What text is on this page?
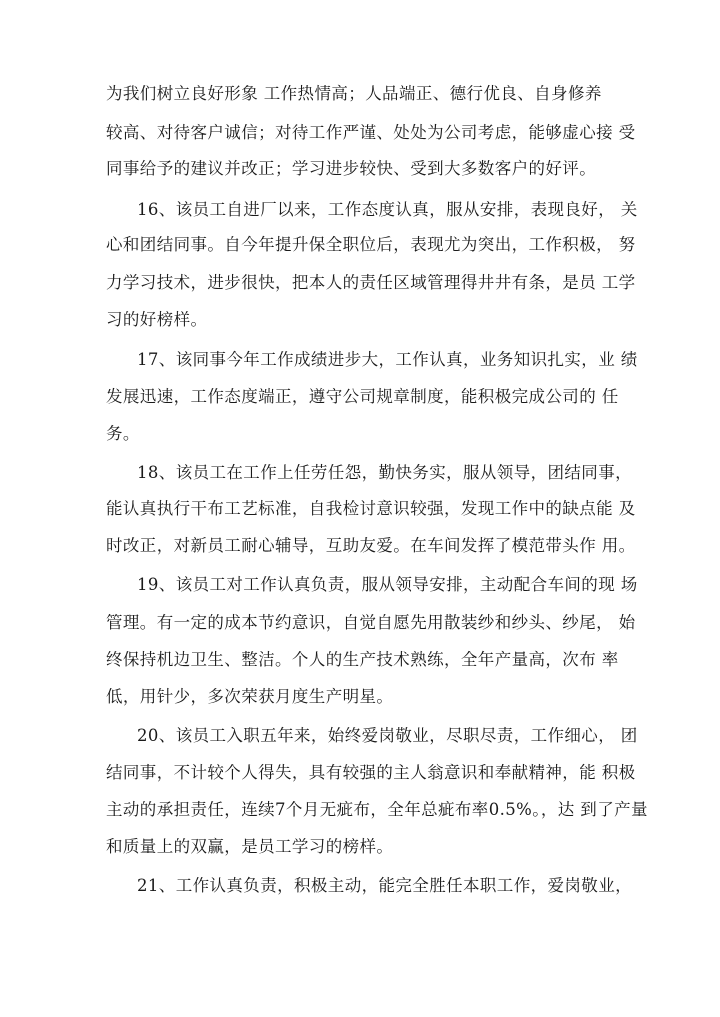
为我们树立良好形象 工作热情高；人品端正、德行优良、自身修养
较高、对待客户诚信；对待工作严谨、处处为公司考虑，能够虚心接 受
同事给予的建议并改正；学习进步较快、受到大多数客户的好评。
16、该员工自进厂以来，工作态度认真，服从安排，表现良好， 关
心和团结同事。自今年提升保全职位后，表现尤为突出，工作积极， 努
力学习技术，进步很快，把本人的责任区域管理得井井有条，是员 工学
习的好榜样。
17、该同事今年工作成绩进步大，工作认真，业务知识扎实，业 绩
发展迅速，工作态度端正，遵守公司规章制度，能积极完成公司的 任
务。
18、该员工在工作上任劳任怨，勤快务实，服从领导，团结同事，
能认真执行干布工艺标准，自我检讨意识较强，发现工作中的缺点能 及
时改正，对新员工耐心辅导，互助友爱。在车间发挥了模范带头作 用。
19、该员工对工作认真负责，服从领导安排，主动配合车间的现 场
管理。有一定的成本节约意识，自觉自愿先用散装纱和纱头、纱尾， 始
终保持机边卫生、整洁。个人的生产技术熟练，全年产量高，次布 率
低，用针少，多次荣获月度生产明星。
20、该员工入职五年来，始终爱岗敬业，尽职尽责，工作细心， 团
结同事，不计较个人得失，具有较强的主人翁意识和奉献精神，能 积极
主动的承担责任，连续7个月无疵布，全年总疵布率0.5%。，达 到了产量
和质量上的双赢，是员工学习的榜样。
21、工作认真负责，积极主动，能完全胜任本职工作，爱岗敬业，
